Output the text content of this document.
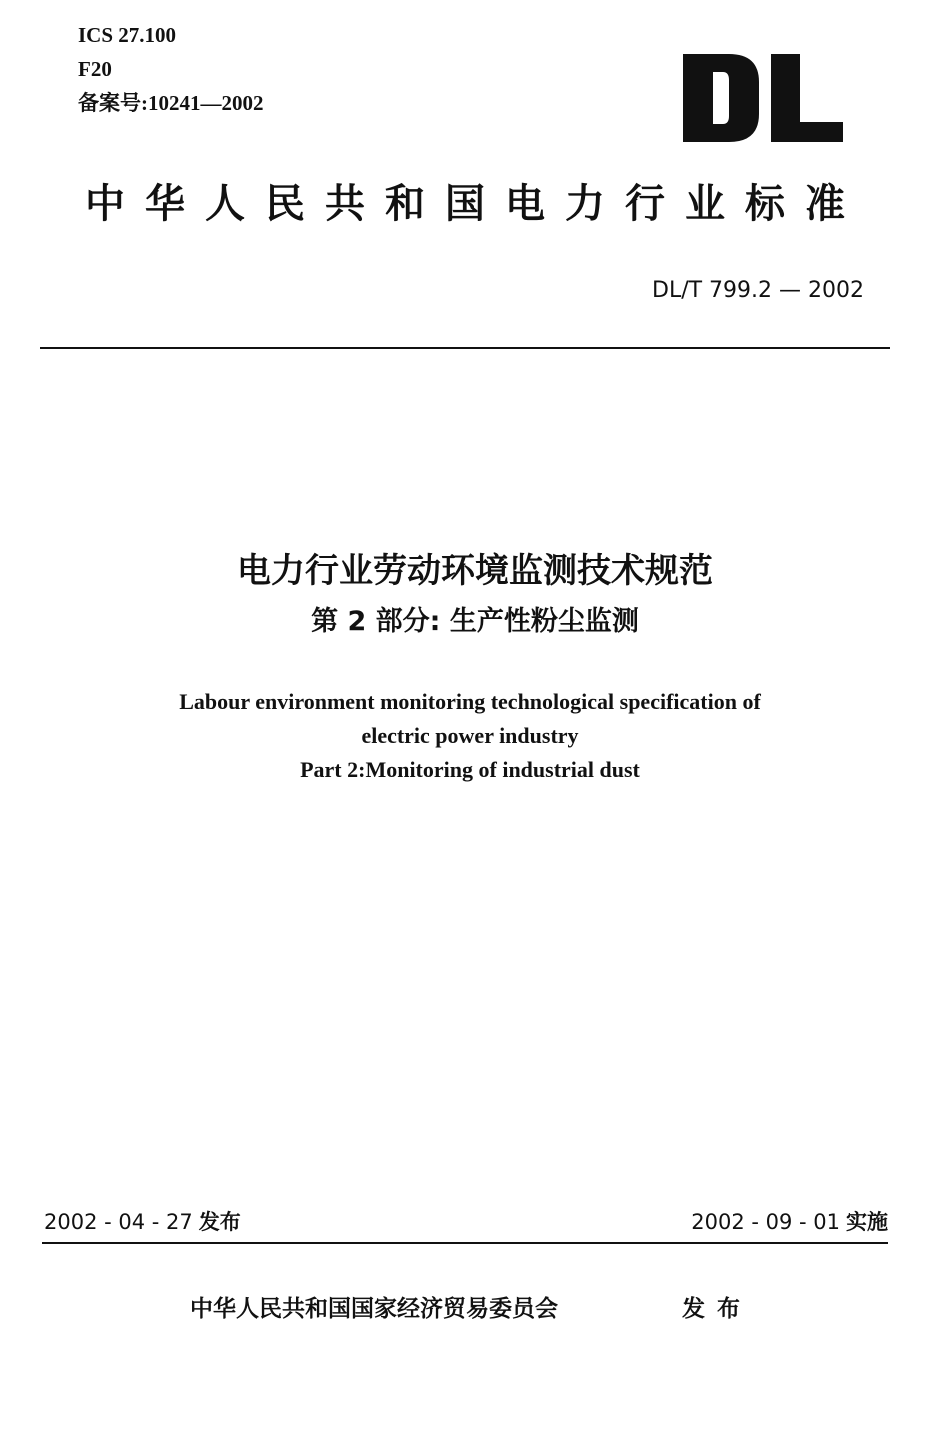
ICS 27.100
F20
备案号:10241—2002
中华人民共和国电力行业标准
DL/T 799.2 — 2002
电力行业劳动环境监测技术规范
第 2 部分: 生产性粉尘监测
Labour environment monitoring technological specification of
electric power industry
Part 2:Monitoring of industrial dust
2002 - 04 - 27 发布	2002 - 09 - 01 实施
中华人民共和国国家经济贸易委员会	发布
